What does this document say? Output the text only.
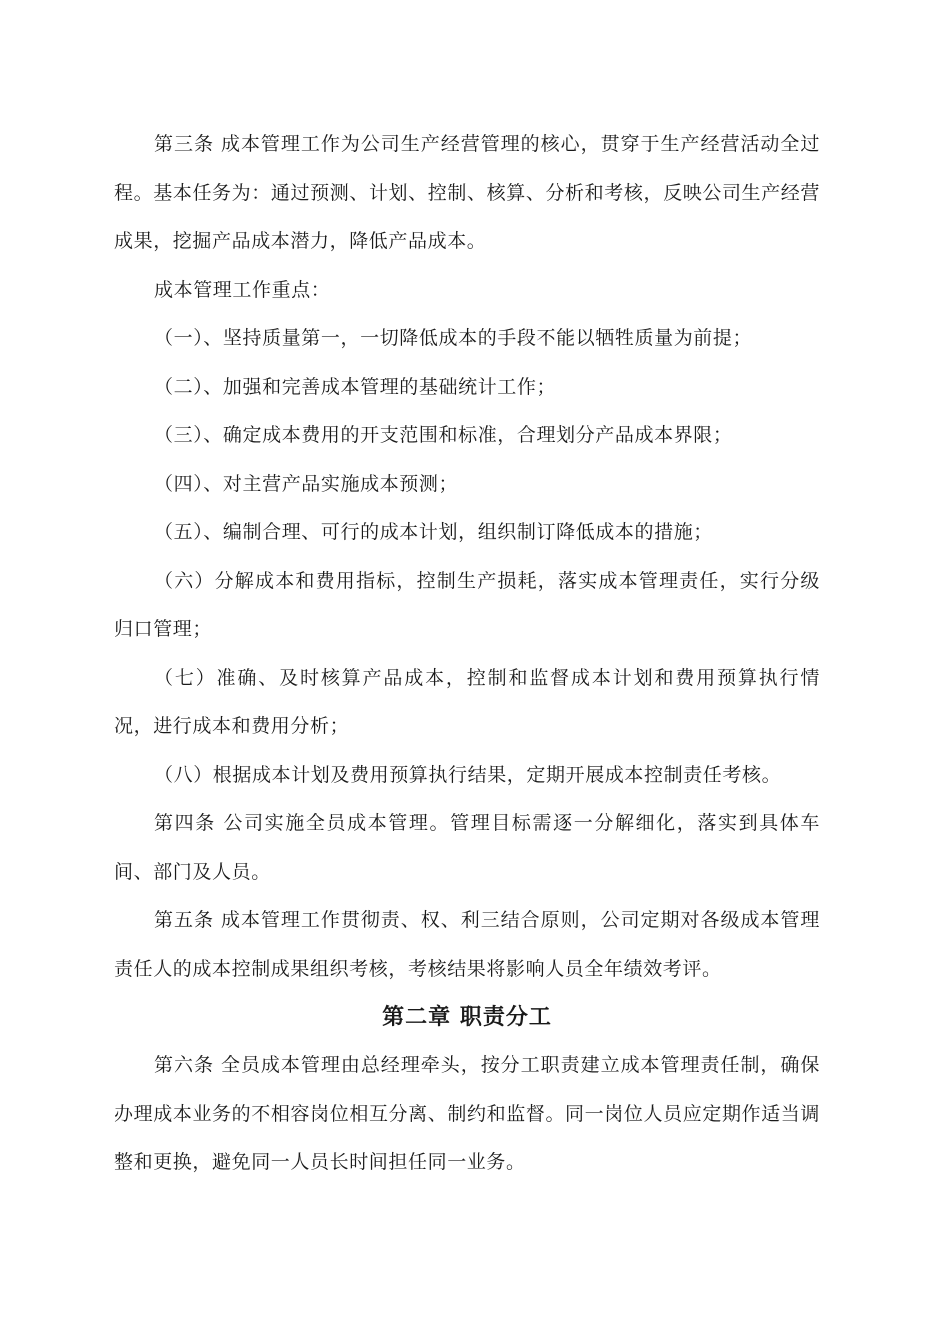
第三条 成本管理工作为公司生产经营管理的核心，贯穿于生产经营活动全过程。基本任务为：通过预测、计划、控制、核算、分析和考核，反映公司生产经营成果，挖掘产品成本潜力，降低产品成本。

成本管理工作重点：

（一）、坚持质量第一，一切降低成本的手段不能以牺牲质量为前提；

（二）、加强和完善成本管理的基础统计工作；

（三）、确定成本费用的开支范围和标准，合理划分产品成本界限；

（四）、对主营产品实施成本预测；

（五）、编制合理、可行的成本计划，组织制订降低成本的措施；

（六）分解成本和费用指标，控制生产损耗，落实成本管理责任，实行分级归口管理；

（七）准确、及时核算产品成本，控制和监督成本计划和费用预算执行情况，进行成本和费用分析；

（八）根据成本计划及费用预算执行结果，定期开展成本控制责任考核。

第四条 公司实施全员成本管理。管理目标需逐一分解细化，落实到具体车间、部门及人员。

第五条 成本管理工作贯彻责、权、利三结合原则，公司定期对各级成本管理责任人的成本控制成果组织考核，考核结果将影响人员全年绩效考评。

第二章 职责分工

第六条 全员成本管理由总经理牵头，按分工职责建立成本管理责任制，确保办理成本业务的不相容岗位相互分离、制约和监督。同一岗位人员应定期作适当调整和更换，避免同一人员长时间担任同一业务。
